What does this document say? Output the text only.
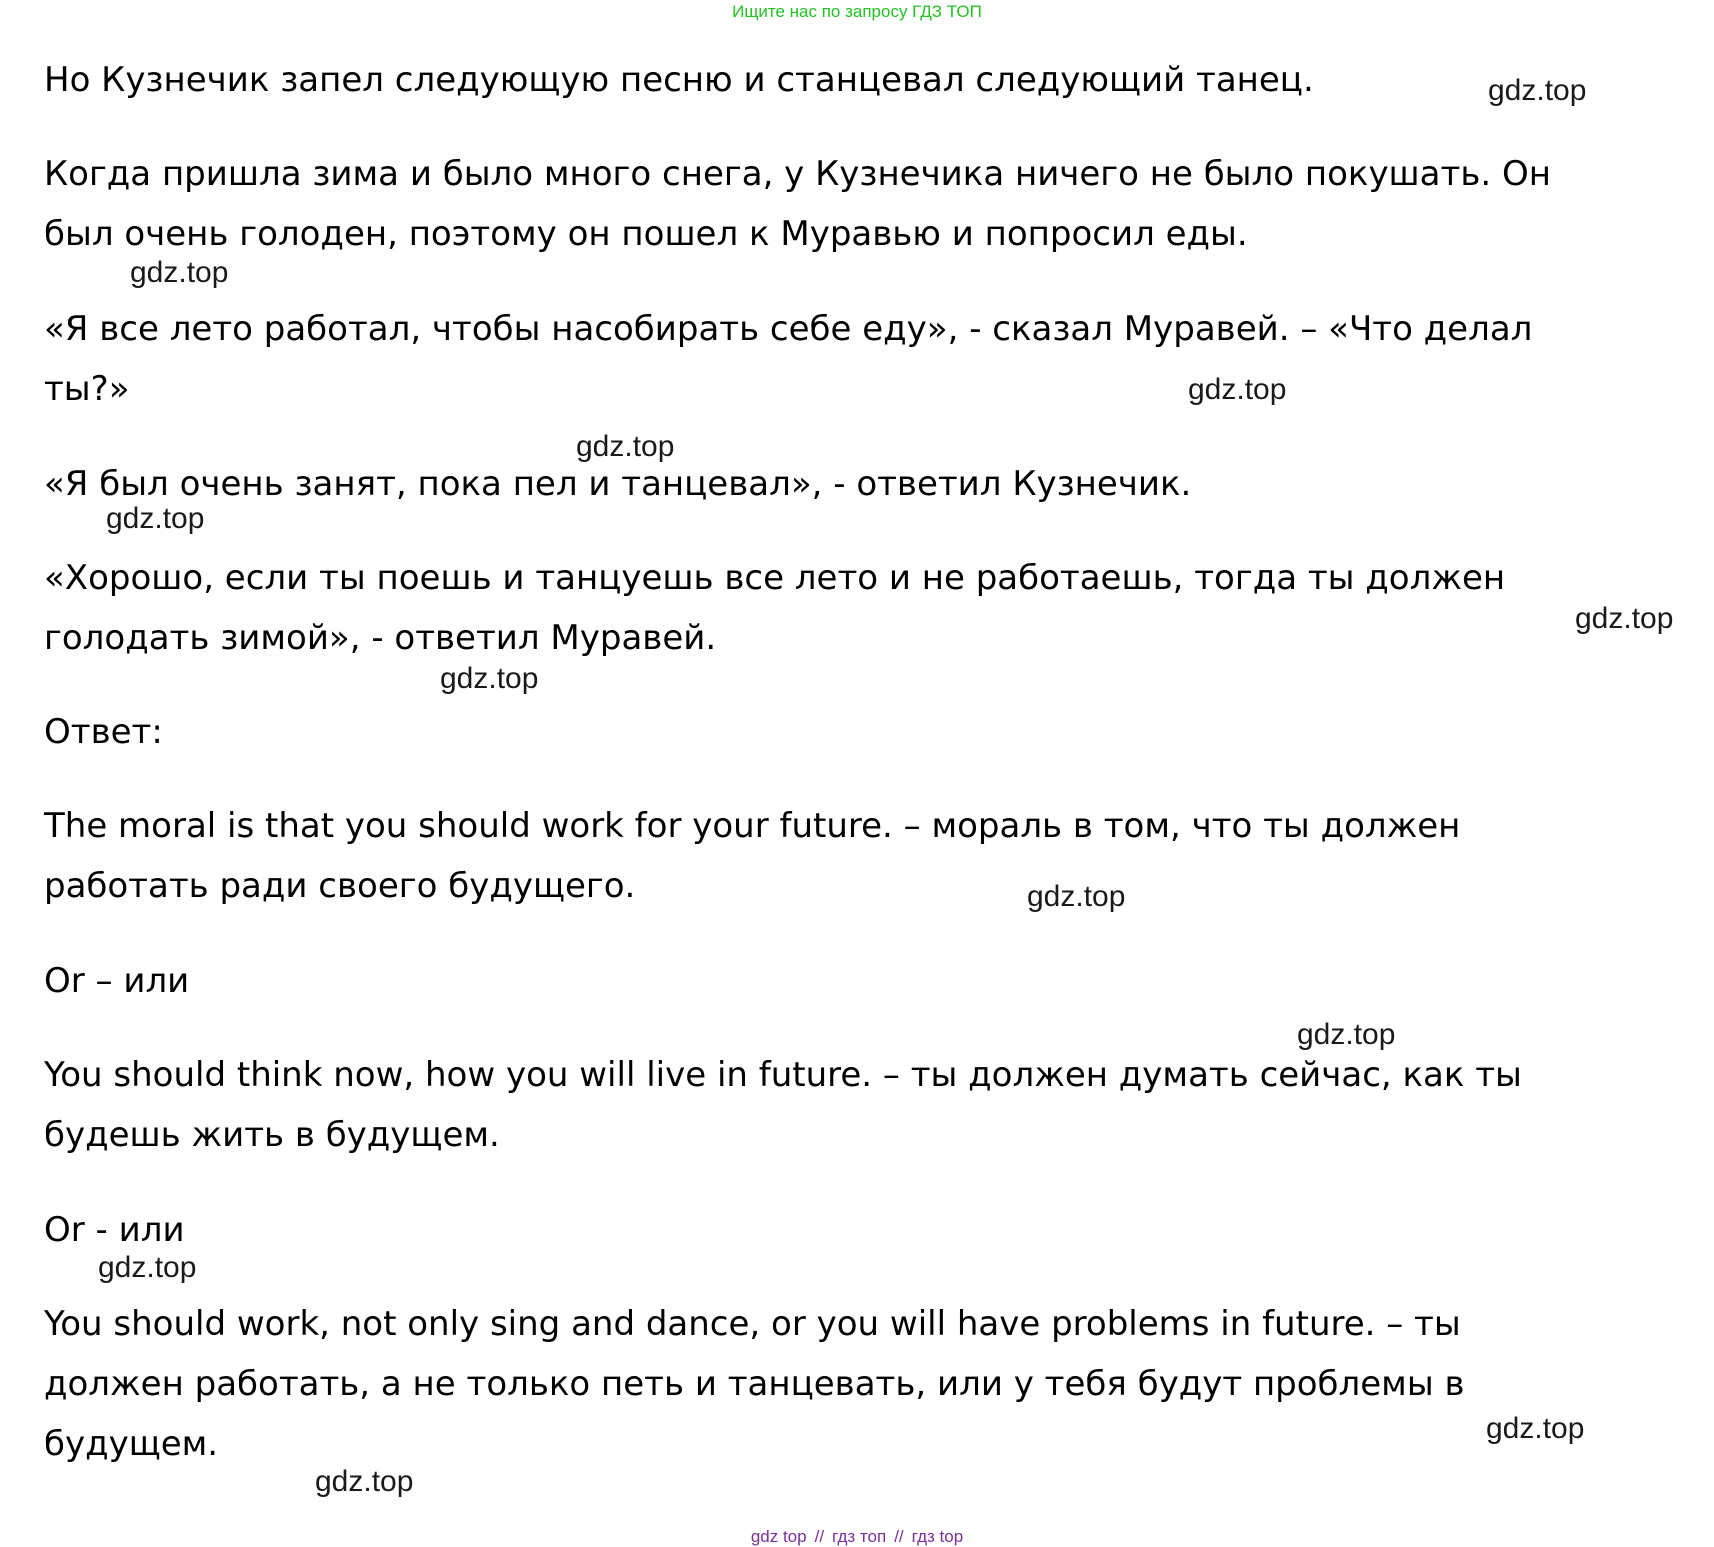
Ищите нас по запросу ГДЗ ТОП
Но Кузнечик запел следующую песню и станцевал следующий танец.
Когда пришла зима и было много снега, у Кузнечика ничего не было покушать. Он
был очень голоден, поэтому он пошел к Муравью и попросил еды.
«Я все лето работал, чтобы насобирать себе еду», - сказал Муравей. – «Что делал
ты?»
«Я был очень занят, пока пел и танцевал», - ответил Кузнечик.
«Хорошо, если ты поешь и танцуешь все лето и не работаешь, тогда ты должен
голодать зимой», - ответил Муравей.
Ответ:
The moral is that you should work for your future. – мораль в том, что ты должен
работать ради своего будущего.
Or – или
You should think now, how you will live in future. – ты должен думать сейчас, как ты
будешь жить в будущем.
Or - или
You should work, not only sing and dance, or you will have problems in future. – ты
должен работать, а не только петь и танцевать, или у тебя будут проблемы в
будущем.
gdz.top
gdz.top
gdz.top
gdz.top
gdz.top
gdz.top
gdz.top
gdz.top
gdz.top
gdz.top
gdz.top
gdz.top
gdz top // гдз топ // гдз top
